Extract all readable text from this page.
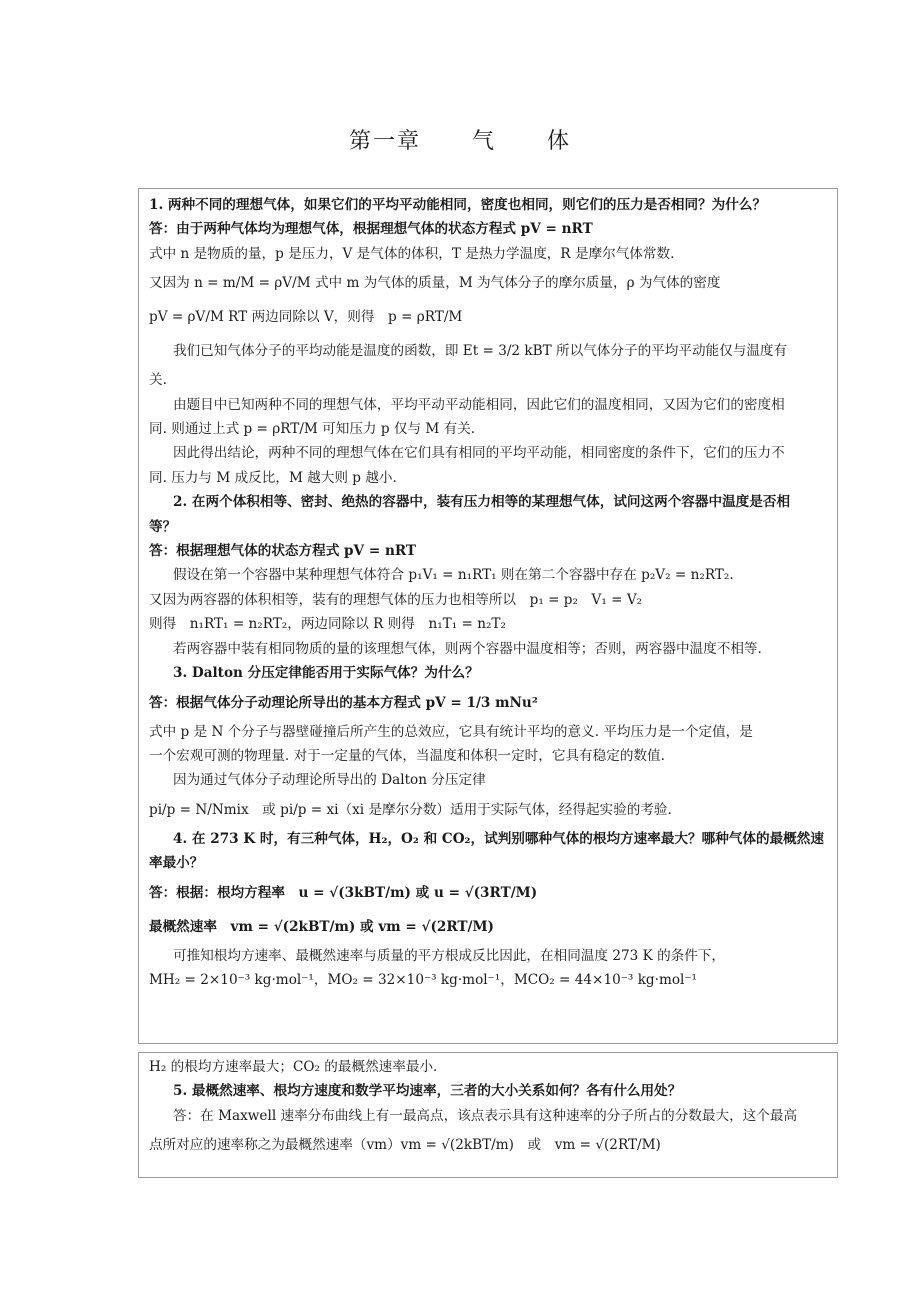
第一章　 气　 体
1. 两种不同的理想气体，如果它们的平均平动能相同，密度也相同，则它们的压力是否相同？为什么？
答：由于两种气体均为理想气体，根据理想气体的状态方程式 pV = nRT
式中 n 是物质的量，p 是压力，V 是气体的体积，T 是热力学温度，R 是摩尔气体常数.
又因为 n = m/M = ρV/M 式中 m 为气体的质量，M 为气体分子的摩尔质量，ρ 为气体的密度
pV = ρV/M RT 两边同除以 V，则得　p = ρRT/M
我们已知气体分子的平均动能是温度的函数，即 Et = 3/2 kBT 所以气体分子的平均平动能仅与温度有
关.
由题目中已知两种不同的理想气体，平均平动平动能相同，因此它们的温度相同，又因为它们的密度相
同. 则通过上式 p = ρRT/M 可知压力 p 仅与 M 有关.
因此得出结论，两种不同的理想气体在它们具有相同的平均平动能，相同密度的条件下，它们的压力不
同. 压力与 M 成反比，M 越大则 p 越小.
2. 在两个体积相等、密封、绝热的容器中，装有压力相等的某理想气体，试问这两个容器中温度是否相
等？
答：根据理想气体的状态方程式 pV = nRT
假设在第一个容器中某种理想气体符合 p₁V₁ = n₁RT₁ 则在第二个容器中存在 p₂V₂ = n₂RT₂.
又因为两容器的体积相等，装有的理想气体的压力也相等所以　p₁ = p₂　V₁ = V₂
则得　n₁RT₁ = n₂RT₂，两边同除以 R 则得　n₁T₁ = n₂T₂
若两容器中装有相同物质的量的该理想气体，则两个容器中温度相等；否则，两容器中温度不相等.
3. Dalton 分压定律能否用于实际气体？为什么？
答：根据气体分子动理论所导出的基本方程式 pV = 1/3 mNu²
式中 p 是 N 个分子与器壁碰撞后所产生的总效应，它具有统计平均的意义. 平均压力是一个定值，是
一个宏观可测的物理量. 对于一定量的气体，当温度和体积一定时，它具有稳定的数值.
因为通过气体分子动理论所导出的 Dalton 分压定律
pi/p = N/Nmix　或 pi/p = xi（xi 是摩尔分数）适用于实际气体，经得起实验的考验.
4. 在 273 K 时，有三种气体，H₂，O₂ 和 CO₂，试判别哪种气体的根均方速率最大？哪种气体的最概然速
率最小？
答：根据：根均方程率　u = √(3kBT/m) 或 u = √(3RT/M)
最概然速率　vm = √(2kBT/m) 或 vm = √(2RT/M)
可推知根均方速率、最概然速率与质量的平方根成反比因此，在相同温度 273 K 的条件下，
MH₂ = 2×10⁻³ kg·mol⁻¹，MO₂ = 32×10⁻³ kg·mol⁻¹，MCO₂ = 44×10⁻³ kg·mol⁻¹
H₂ 的根均方速率最大；CO₂ 的最概然速率最小.
5. 最概然速率、根均方速度和数学平均速率，三者的大小关系如何？各有什么用处？
答：在 Maxwell 速率分布曲线上有一最高点，该点表示具有这种速率的分子所占的分数最大，这个最高
点所对应的速率称之为最概然速率（vm）vm = √(2kBT/m)　或　vm = √(2RT/M)
